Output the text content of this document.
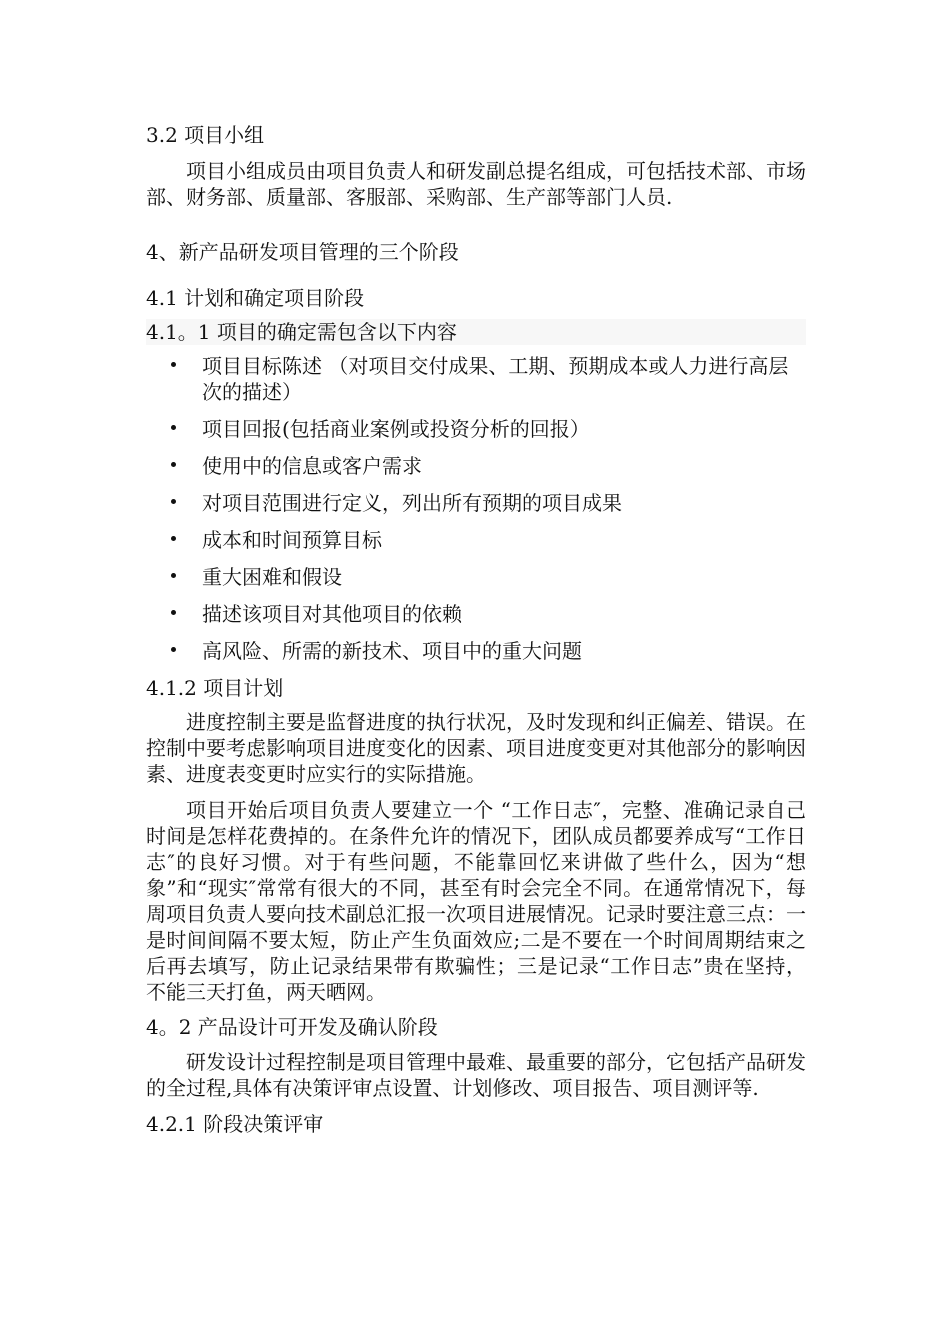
3.2 项目小组

项目小组成员由项目负责人和研发副总提名组成，可包括技术部、市场部、财务部、质量部、客服部、采购部、生产部等部门人员.

4、新产品研发项目管理的三个阶段

4.1 计划和确定项目阶段

4.1。1 项目的确定需包含以下内容

项目目标陈述 （对项目交付成果、工期、预期成本或人力进行高层次的描述）
项目回报(包括商业案例或投资分析的回报）
使用中的信息或客户需求
对项目范围进行定义，列出所有预期的项目成果
成本和时间预算目标
重大困难和假设
描述该项目对其他项目的依赖
高风险、所需的新技术、项目中的重大问题

4.1.2 项目计划

进度控制主要是监督进度的执行状况，及时发现和纠正偏差、错误。在控制中要考虑影响项目进度变化的因素、项目进度变更对其他部分的影响因素、进度表变更时应实行的实际措施。

项目开始后项目负责人要建立一个 “工作日志″，完整、准确记录自己时间是怎样花费掉的。在条件允许的情况下，团队成员都要养成写“工作日志″的良好习惯。对于有些问题，不能靠回忆来讲做了些什么，因为“想象”和“现实″常常有很大的不同，甚至有时会完全不同。在通常情况下，每周项目负责人要向技术副总汇报一次项目进展情况。记录时要注意三点：一是时间间隔不要太短，防止产生负面效应;二是不要在一个时间周期结束之后再去填写，防止记录结果带有欺骗性；三是记录“工作日志”贵在坚持，不能三天打鱼，两天晒网。

4。2 产品设计可开发及确认阶段

研发设计过程控制是项目管理中最难、最重要的部分，它包括产品研发的全过程,具体有决策评审点设置、计划修改、项目报告、项目测评等.

4.2.1 阶段决策评审
